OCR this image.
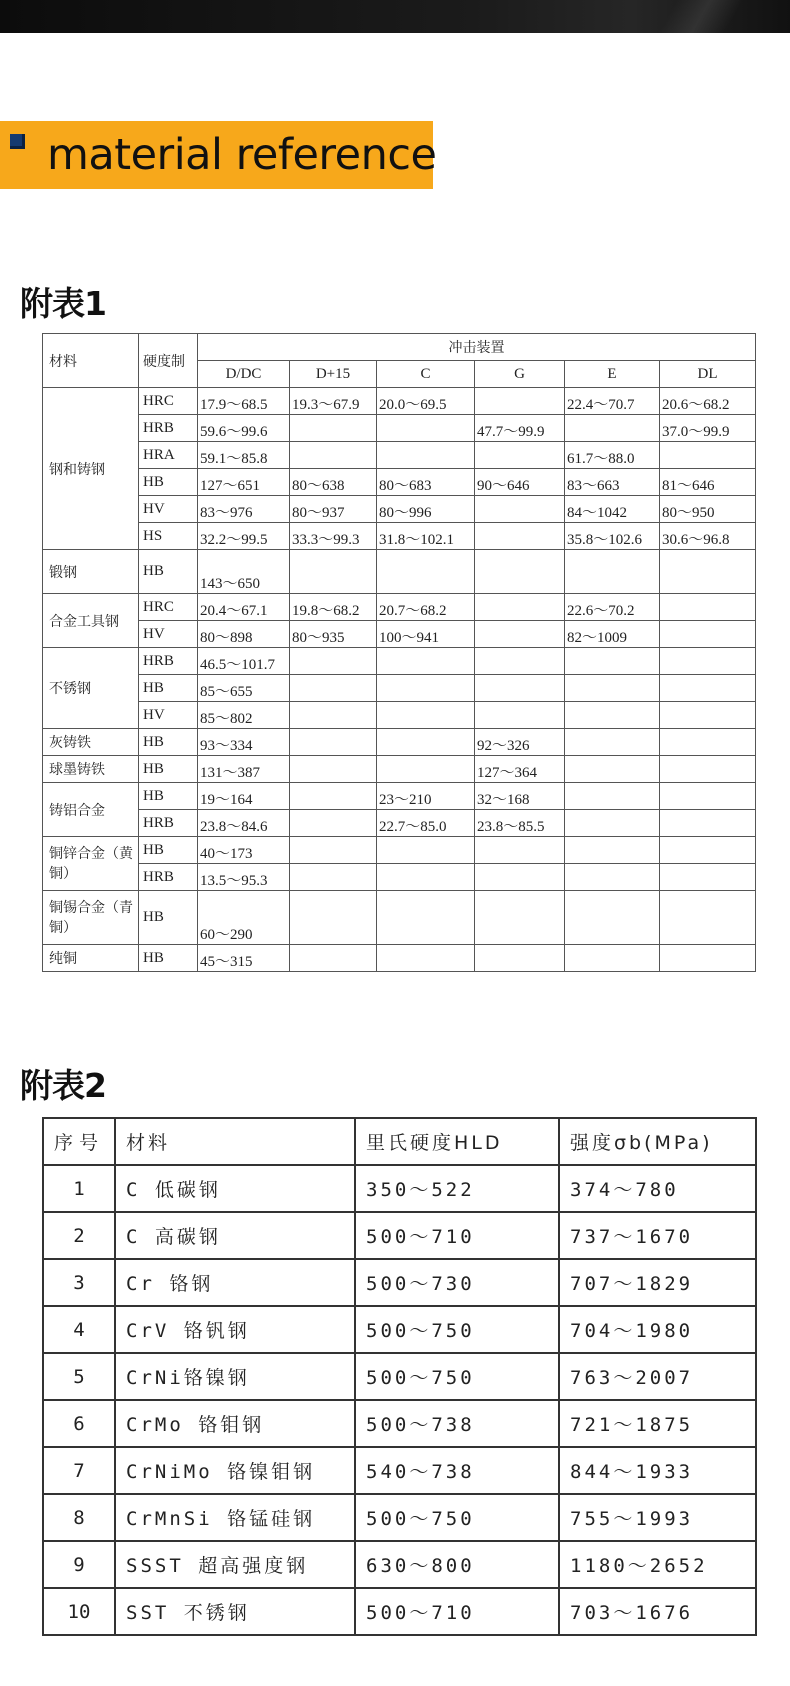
material reference
附表1
材料	硬度制	冲击装置					
		D/DC	D+15	C	G	E	DL
钢和铸钢	HRC	17.9～68.5	19.3～67.9	20.0～69.5		22.4～70.7	20.6～68.2
	HRB	59.6～99.6			47.7～99.9		37.0～99.9
	HRA	59.1～85.8				61.7～88.0	
	HB	127～651	80～638	80～683	90～646	83～663	81～646
	HV	83～976	80～937	80～996		84～1042	80～950
	HS	32.2～99.5	33.3～99.3	31.8～102.1		35.8～102.6	30.6～96.8
锻钢	HB	143～650					
合金工具钢	HRC	20.4～67.1	19.8～68.2	20.7～68.2		22.6～70.2	
	HV	80～898	80～935	100～941		82～1009	
不锈钢	HRB	46.5～101.7					
	HB	85～655					
	HV	85～802					
灰铸铁	HB	93～334			92～326		
球墨铸铁	HB	131～387			127～364		
铸铝合金	HB	19～164		23～210	32～168		
	HRB	23.8～84.6		22.7～85.0	23.8～85.5		
铜锌合金（黄铜）	HB	40～173					
	HRB	13.5～95.3					
铜锡合金（青铜）	HB	60～290					
纯铜	HB	45～315					
附表2
序号	材料	里氏硬度HLD	强度σb(MPa)
1	C 低碳钢	350～522	374～780
2	C 高碳钢	500～710	737～1670
3	Cr 铬钢	500～730	707～1829
4	CrV 铬钒钢	500～750	704～1980
5	CrNi铬镍钢	500～750	763～2007
6	CrMo 铬钼钢	500～738	721～1875
7	CrNiMo 铬镍钼钢	540～738	844～1933
8	CrMnSi 铬锰硅钢	500～750	755～1993
9	SSST 超高强度钢	630～800	1180～2652
10	SST 不锈钢	500～710	703～1676
